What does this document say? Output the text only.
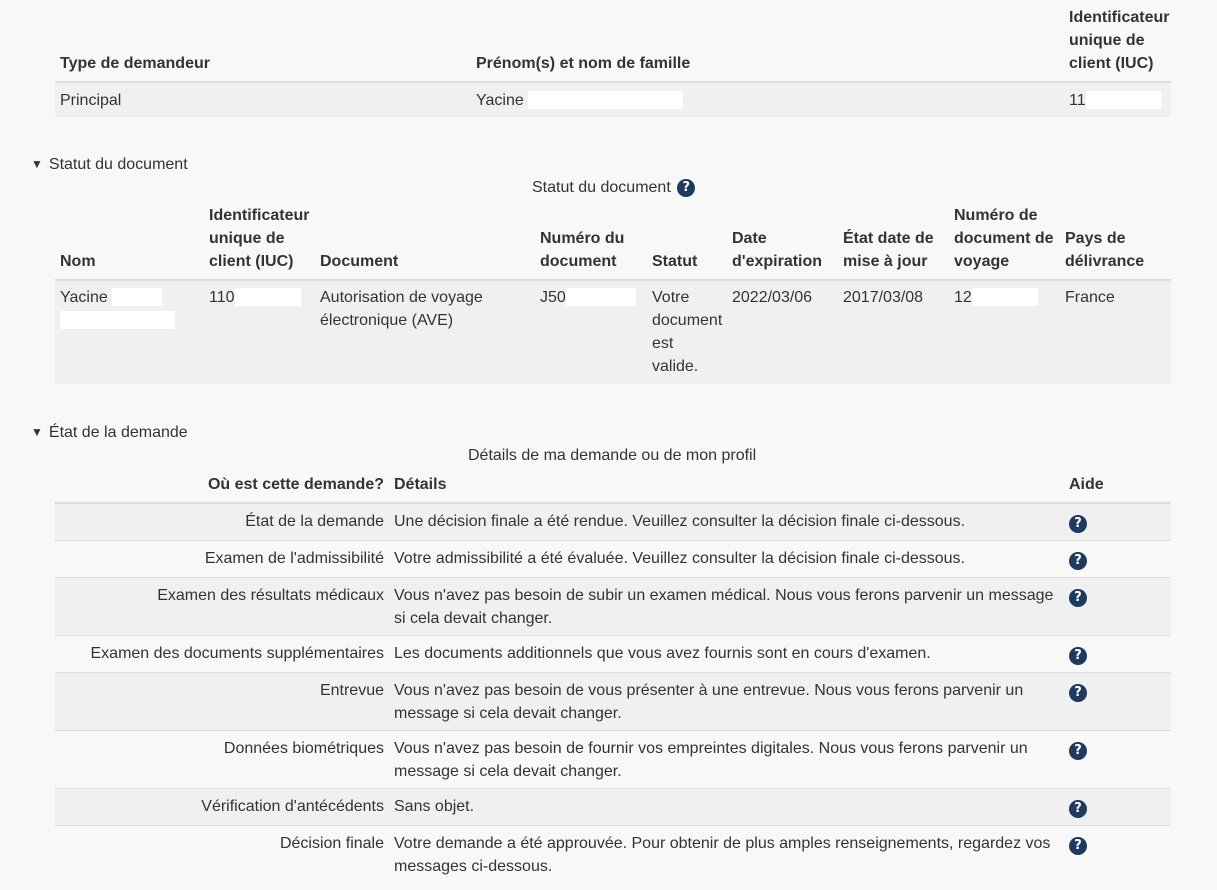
Type de demandeur	Prénom(s) et nom de famille	Identificateur unique de client (IUC)
Principal	Yacine	11
▼ Statut du document
Statut du document ?
Nom	Identificateur unique de client (IUC)	Document	Numéro du document	Statut	Date d'expiration	État date de mise à jour	Numéro de document de voyage	Pays de délivrance
Yacine	110	Autorisation de voyage électronique (AVE)	J50	Votre document est valide.	2022/03/06	2017/03/08	12	France
▼ État de la demande
Détails de ma demande ou de mon profil
Où est cette demande?	Détails	Aide
État de la demande	Une décision finale a été rendue. Veuillez consulter la décision finale ci-dessous.	?
Examen de l'admissibilité	Votre admissibilité a été évaluée. Veuillez consulter la décision finale ci-dessous.	?
Examen des résultats médicaux	Vous n'avez pas besoin de subir un examen médical. Nous vous ferons parvenir un message si cela devait changer.	?
Examen des documents supplémentaires	Les documents additionnels que vous avez fournis sont en cours d'examen.	?
Entrevue	Vous n'avez pas besoin de vous présenter à une entrevue. Nous vous ferons parvenir un message si cela devait changer.	?
Données biométriques	Vous n'avez pas besoin de fournir vos empreintes digitales. Nous vous ferons parvenir un message si cela devait changer.	?
Vérification d'antécédents	Sans objet.	?
Décision finale	Votre demande a été approuvée. Pour obtenir de plus amples renseignements, regardez vos messages ci-dessous.	?
